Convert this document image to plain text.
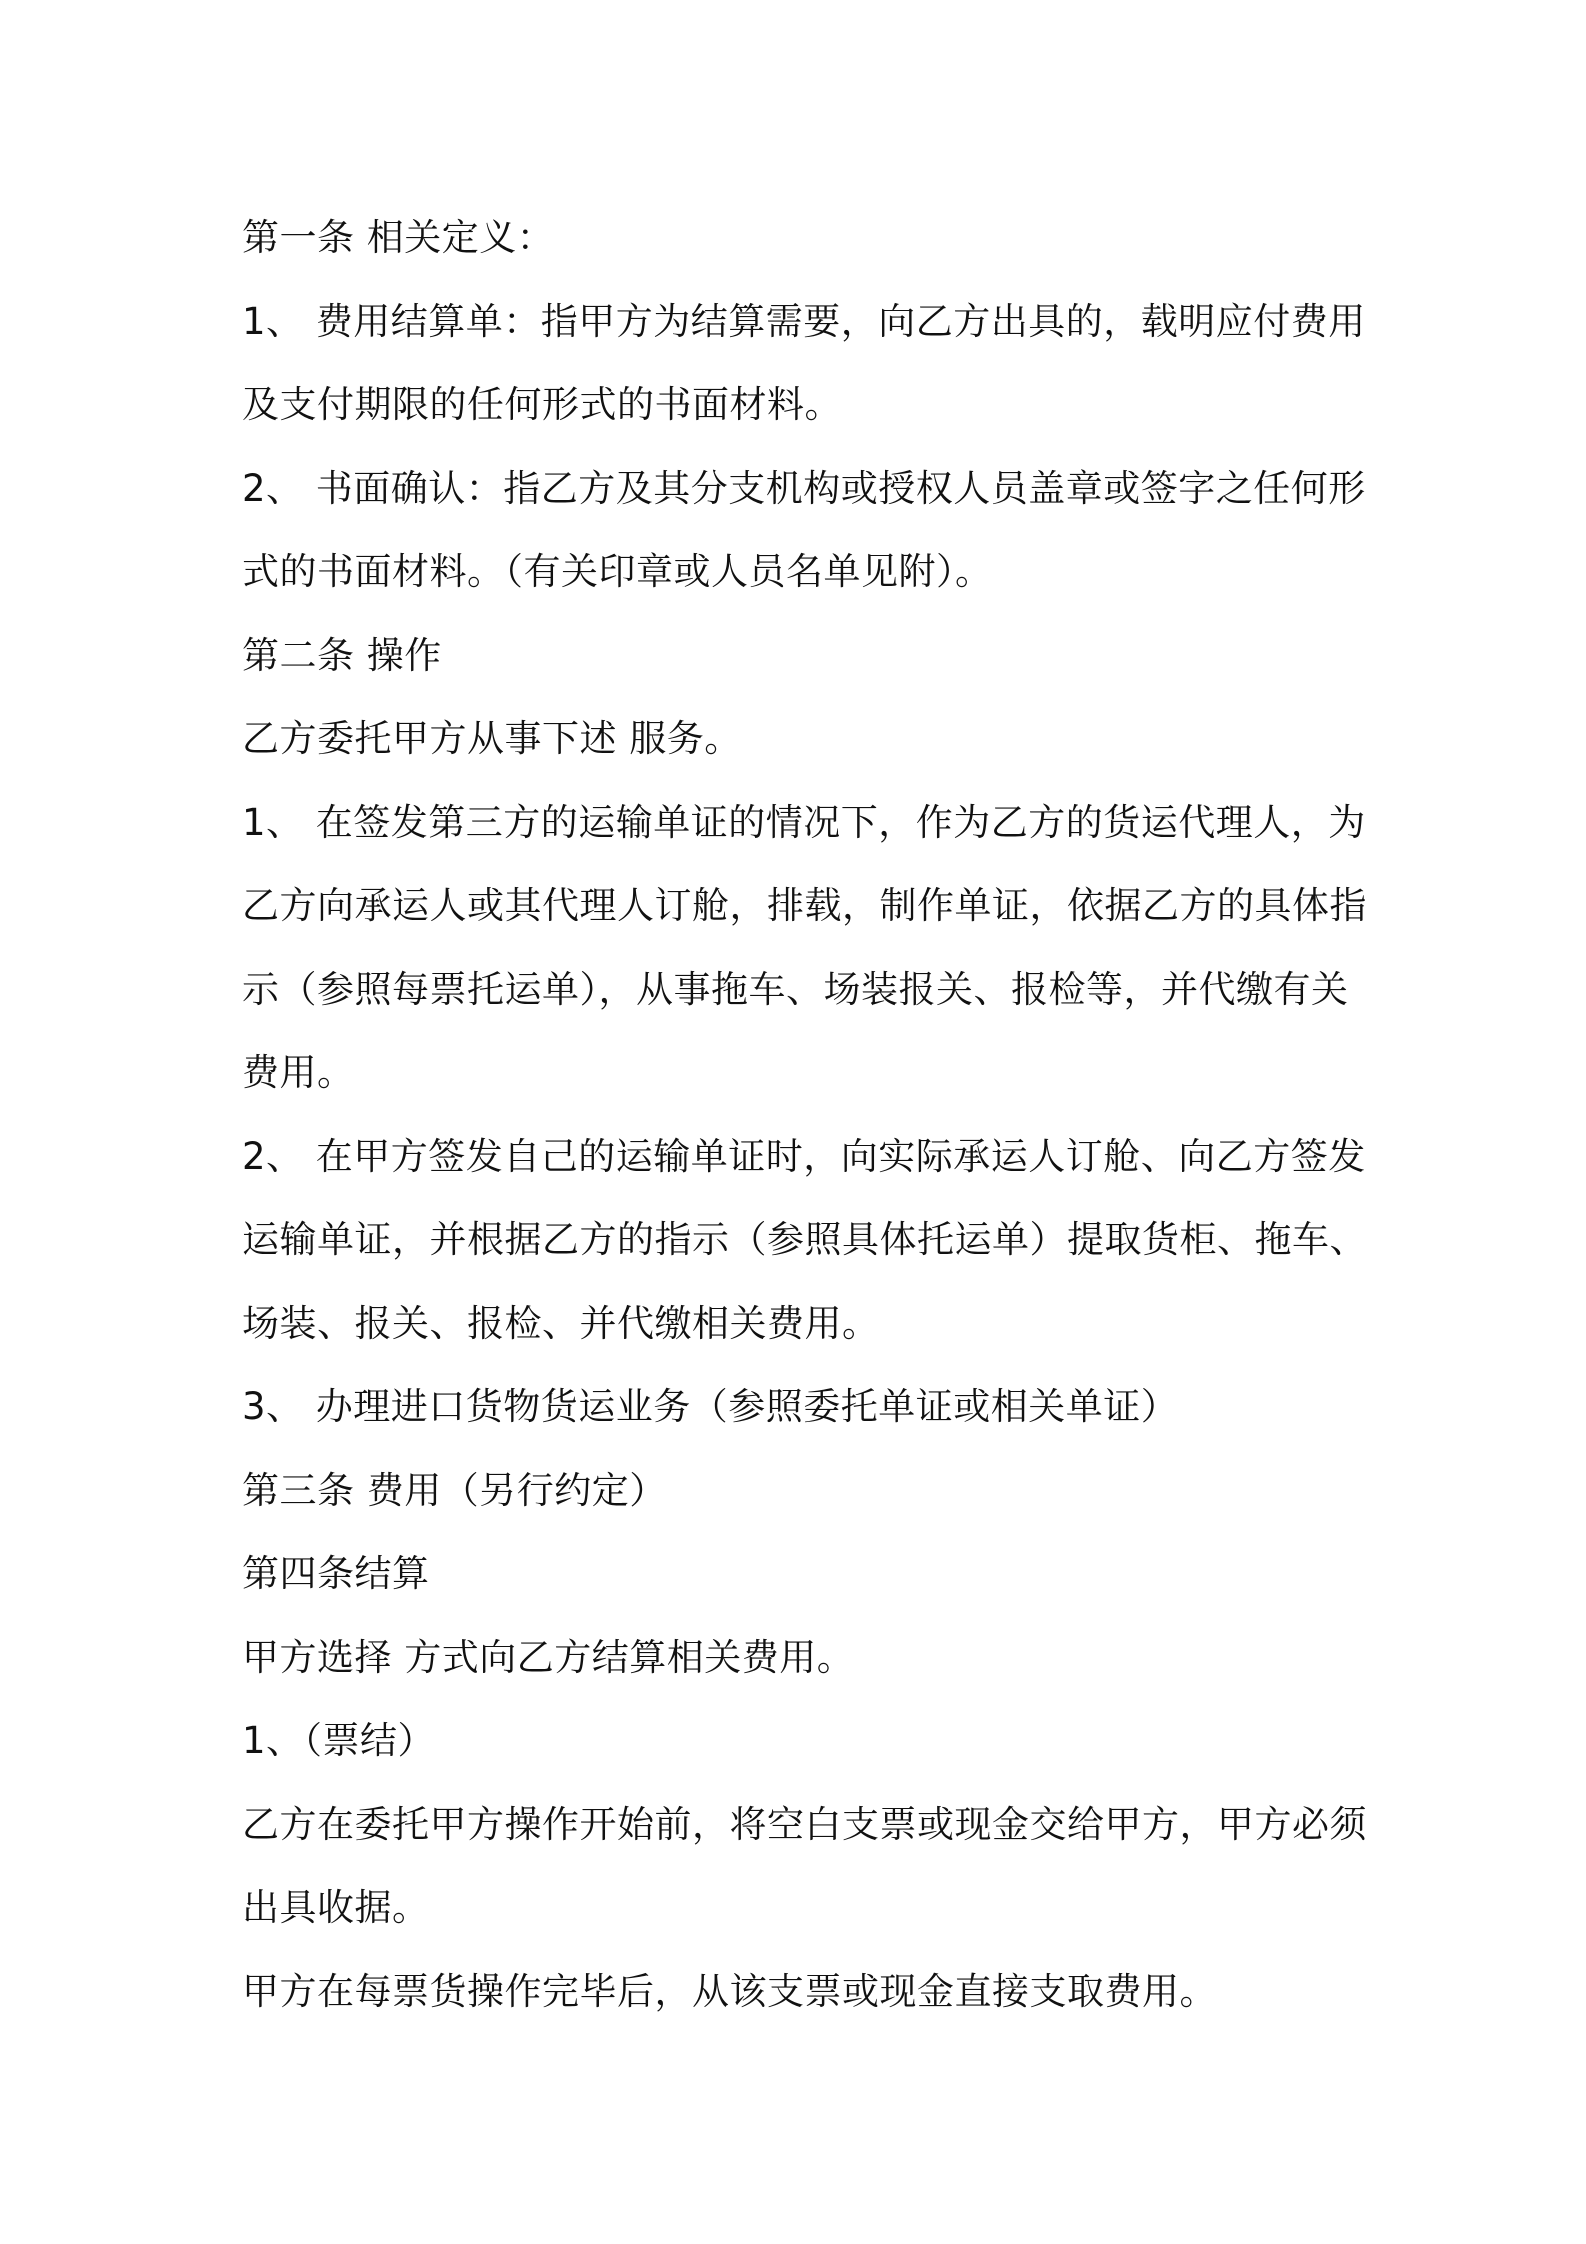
第一条 相关定义：
1、 费用结算单：指甲方为结算需要，向乙方出具的，载明应付费用
及支付期限的任何形式的书面材料。
2、 书面确认：指乙方及其分支机构或授权人员盖章或签字之任何形
式的书面材料。（有关印章或人员名单见附）。
第二条 操作
乙方委托甲方从事下述 服务。
1、 在签发第三方的运输单证的情况下，作为乙方的货运代理人，为
乙方向承运人或其代理人订舱，排载，制作单证，依据乙方的具体指
示（参照每票托运单），从事拖车、场装报关、报检等，并代缴有关
费用。
2、 在甲方签发自己的运输单证时，向实际承运人订舱、向乙方签发
运输单证，并根据乙方的指示（参照具体托运单）提取货柜、拖车、
场装、报关、报检、并代缴相关费用。
3、 办理进口货物货运业务（参照委托单证或相关单证）
第三条 费用（另行约定）
第四条结算
甲方选择 方式向乙方结算相关费用。
1、（票结）
乙方在委托甲方操作开始前，将空白支票或现金交给甲方，甲方必须
出具收据。
甲方在每票货操作完毕后，从该支票或现金直接支取费用。
